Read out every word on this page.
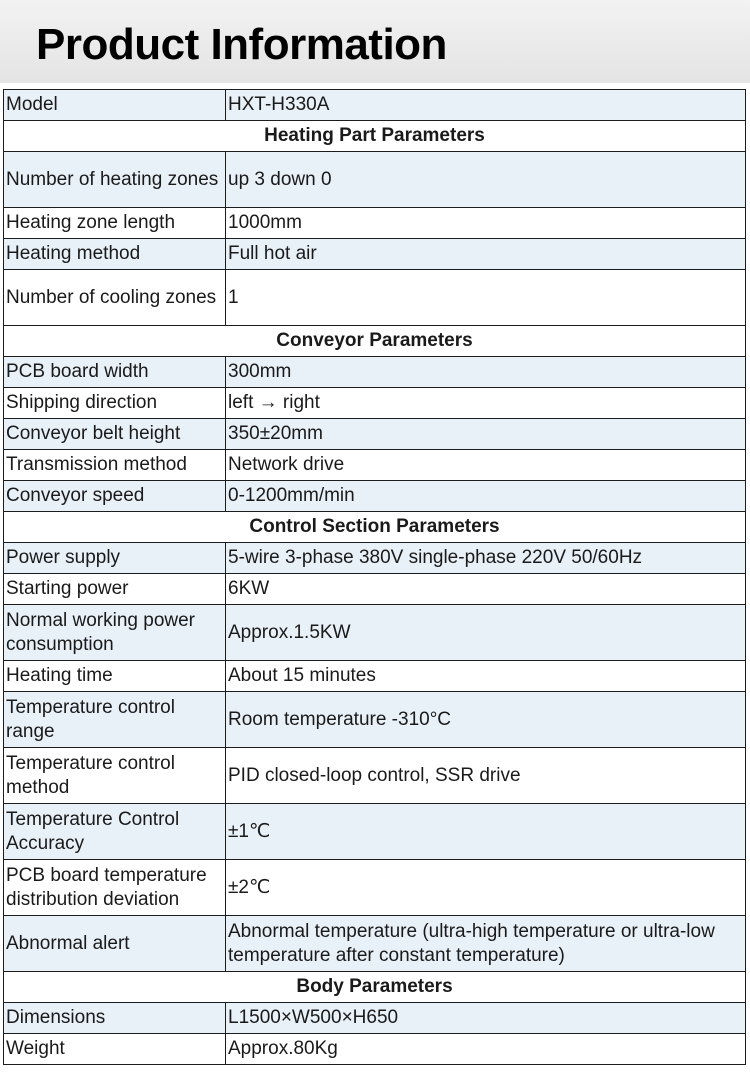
Product Information
Model	HXT-H330A
Heating Part Parameters	
Number of heating zones	up 3 down 0
Heating zone length	1000mm
Heating method	Full hot air
Number of cooling zones	1
Conveyor Parameters	
PCB board width	300mm
Shipping direction	left → right
Conveyor belt height	350±20mm
Transmission method	Network drive
Conveyor speed	0-1200mm/min
Control Section Parameters	
Power supply	5-wire 3-phase 380V single-phase 220V 50/60Hz
Starting power	6KW
Normal working power consumption	Approx.1.5KW
Heating time	About 15 minutes
Temperature control range	Room temperature -310°C
Temperature control method	PID closed-loop control, SSR drive
Temperature Control Accuracy	±1℃
PCB board temperature distribution deviation	±2℃
Abnormal alert	Abnormal temperature (ultra-high temperature or ultra-low temperature after constant temperature)
Body Parameters	
Dimensions	L1500×W500×H650
Weight	Approx.80Kg
